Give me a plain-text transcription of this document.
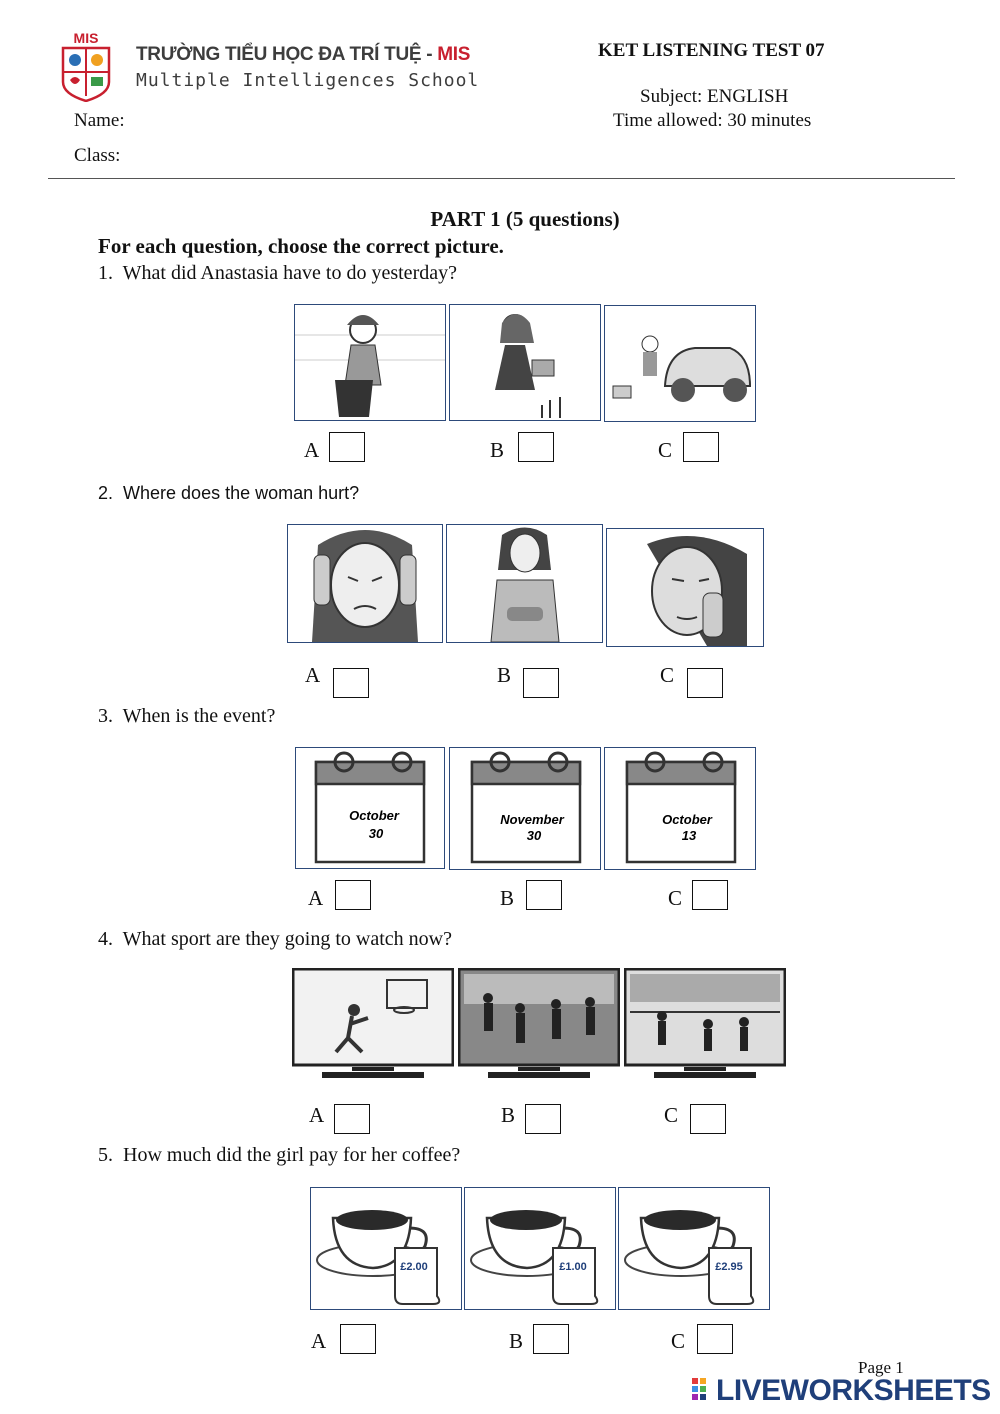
MIS
TRƯỜNG TIỂU HỌC ĐA TRÍ TUỆ - MIS
Multiple Intelligences School
KET LISTENING TEST 07
Subject: ENGLISH
Time allowed: 30 minutes
Name:
Class:
PART 1 (5 questions)
For each question, choose the correct picture.
1. What did Anastasia have to do yesterday?
A	B	C
2. Where does the woman hurt?
A	B	C
3. When is the event?
October
30
November
30
October
13
A	B	C
4. What sport are they going to watch now?
A	B	C
5. How much did the girl pay for her coffee?
£2.00	£1.00	£2.95
A	B	C
Page 1
LIVEWORKSHEETS
